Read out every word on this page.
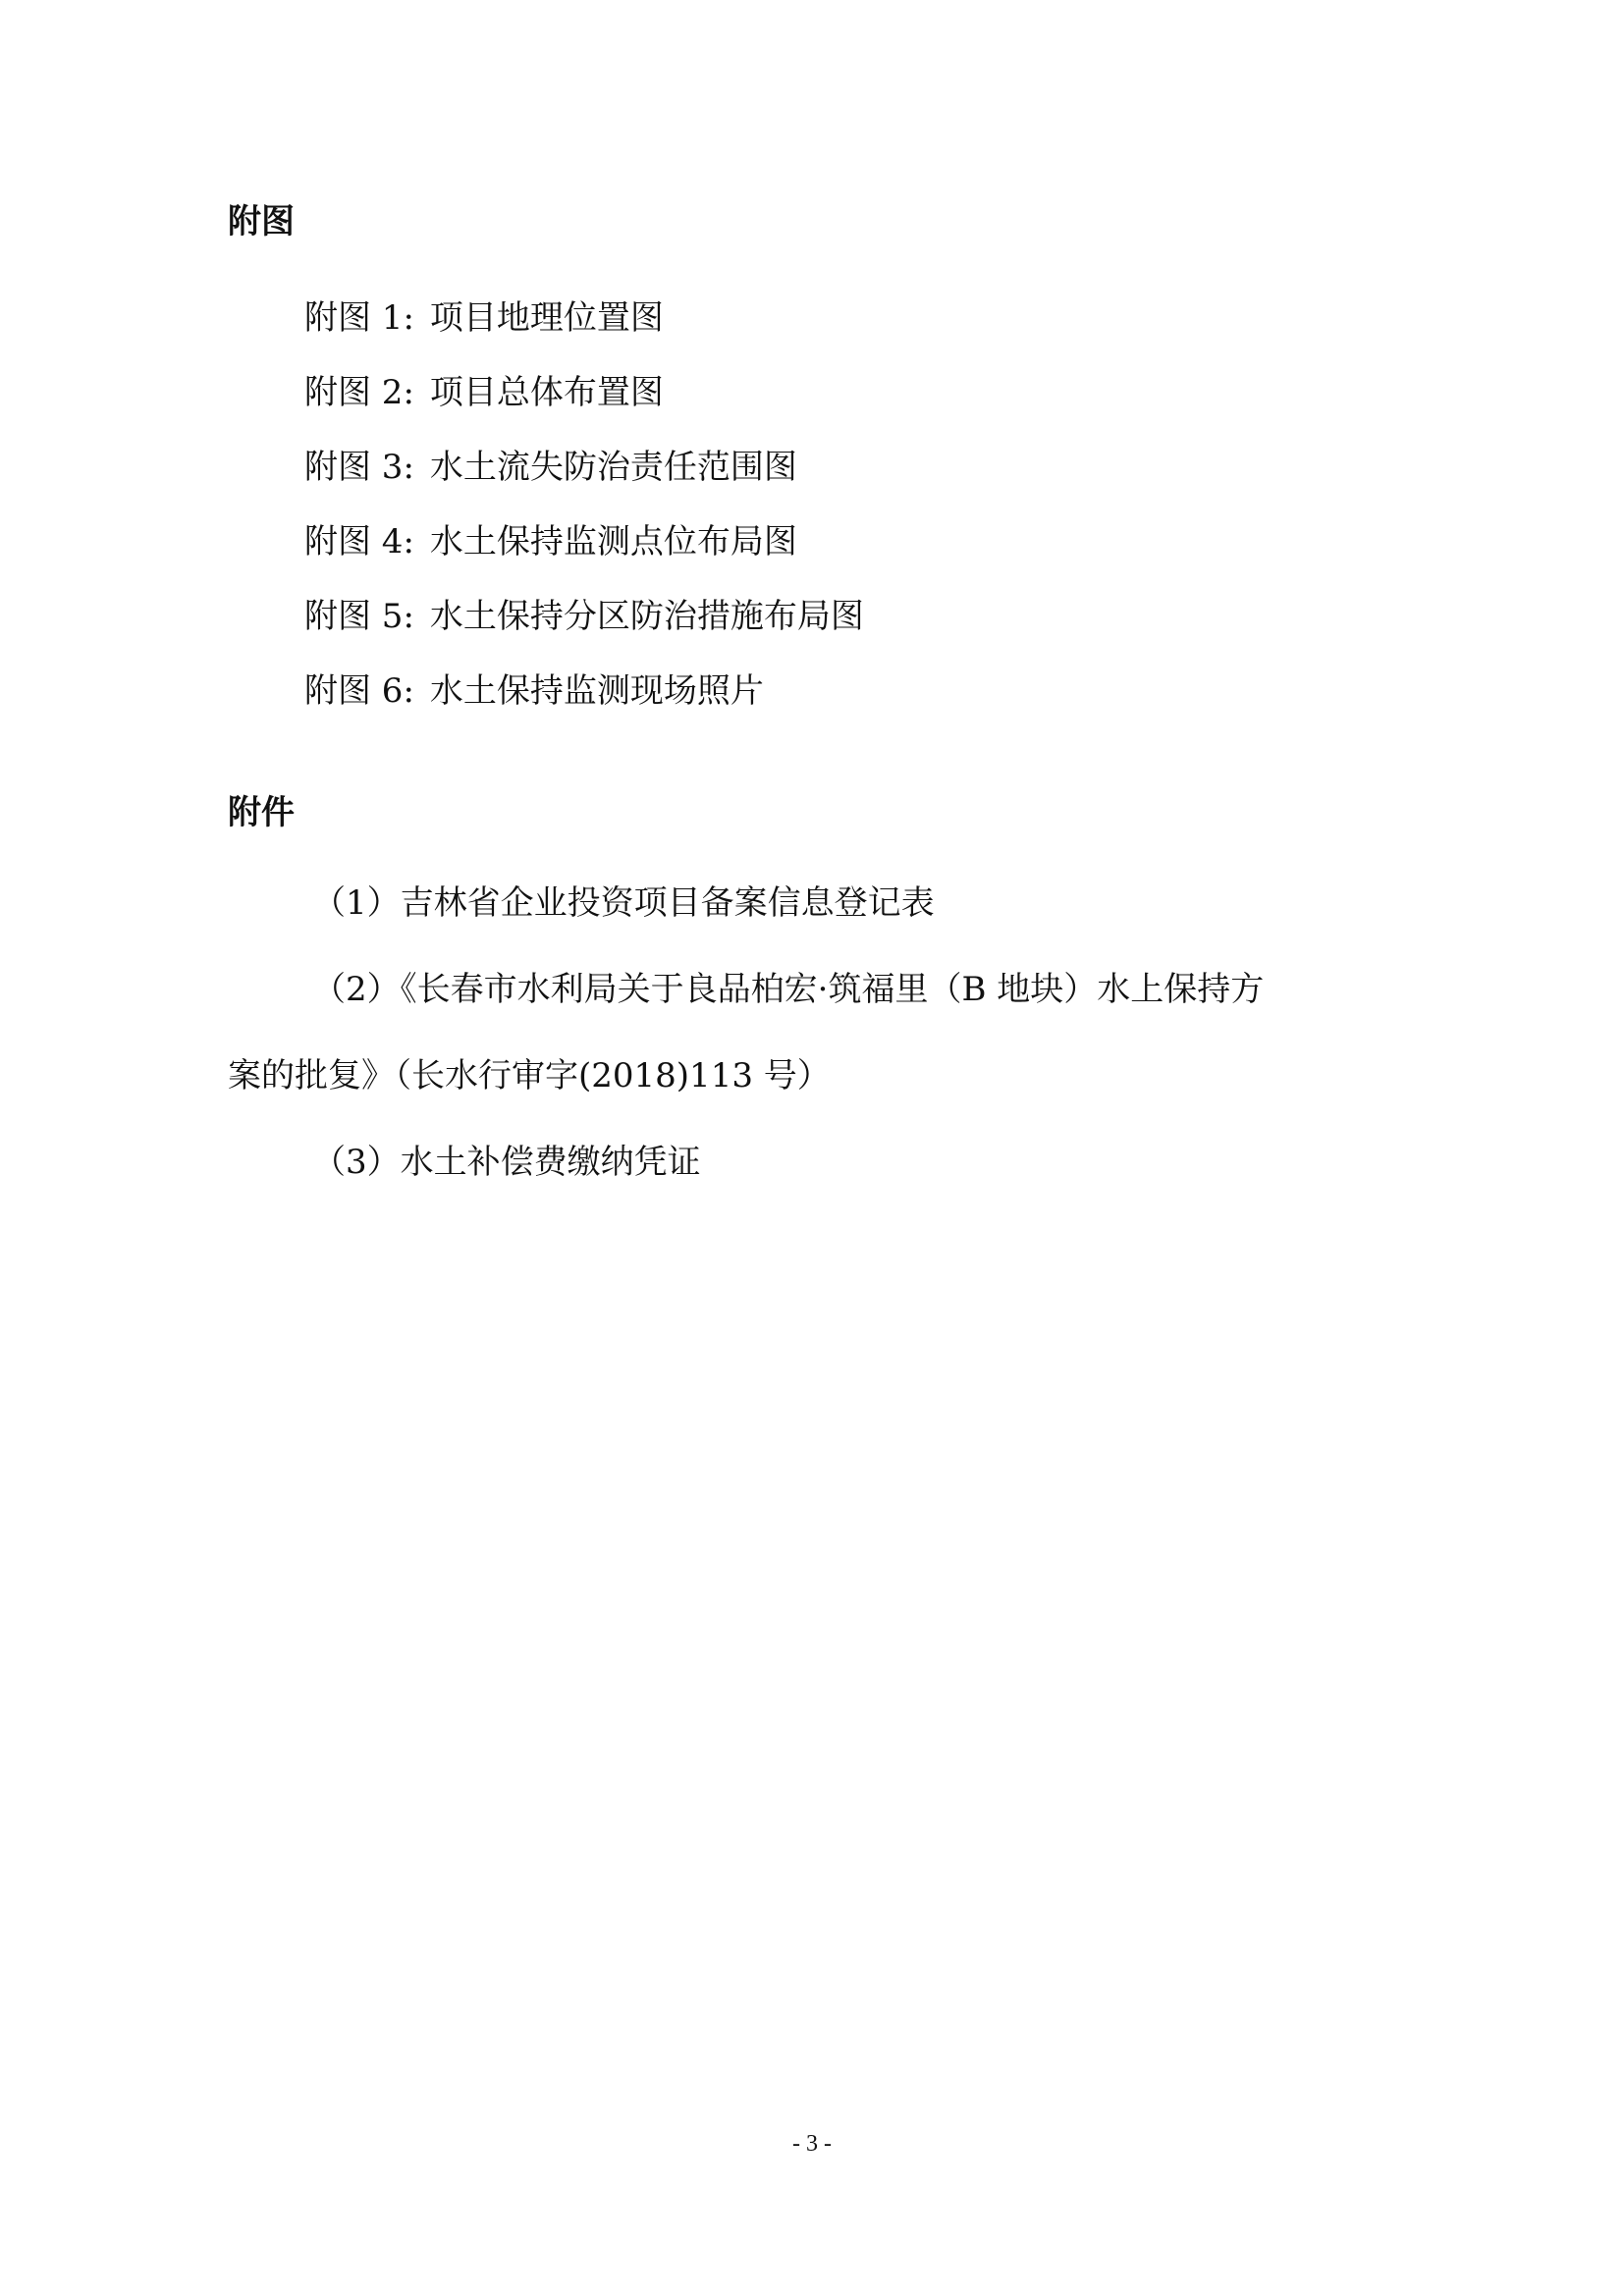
附图
附图 1: 项目地理位置图
附图 2: 项目总体布置图
附图 3: 水土流失防治责任范围图
附图 4: 水土保持监测点位布局图
附图 5: 水土保持分区防治措施布局图
附图 6: 水土保持监测现场照片
附件

（1）吉林省企业投资项目备案信息登记表

（2）《长春市水利局关于良品柏宏·筑福里（B 地块）水上保持方
案的批复》（长水行审字(2018)113 号）

（3）水土补偿费缴纳凭证

- 3 -
